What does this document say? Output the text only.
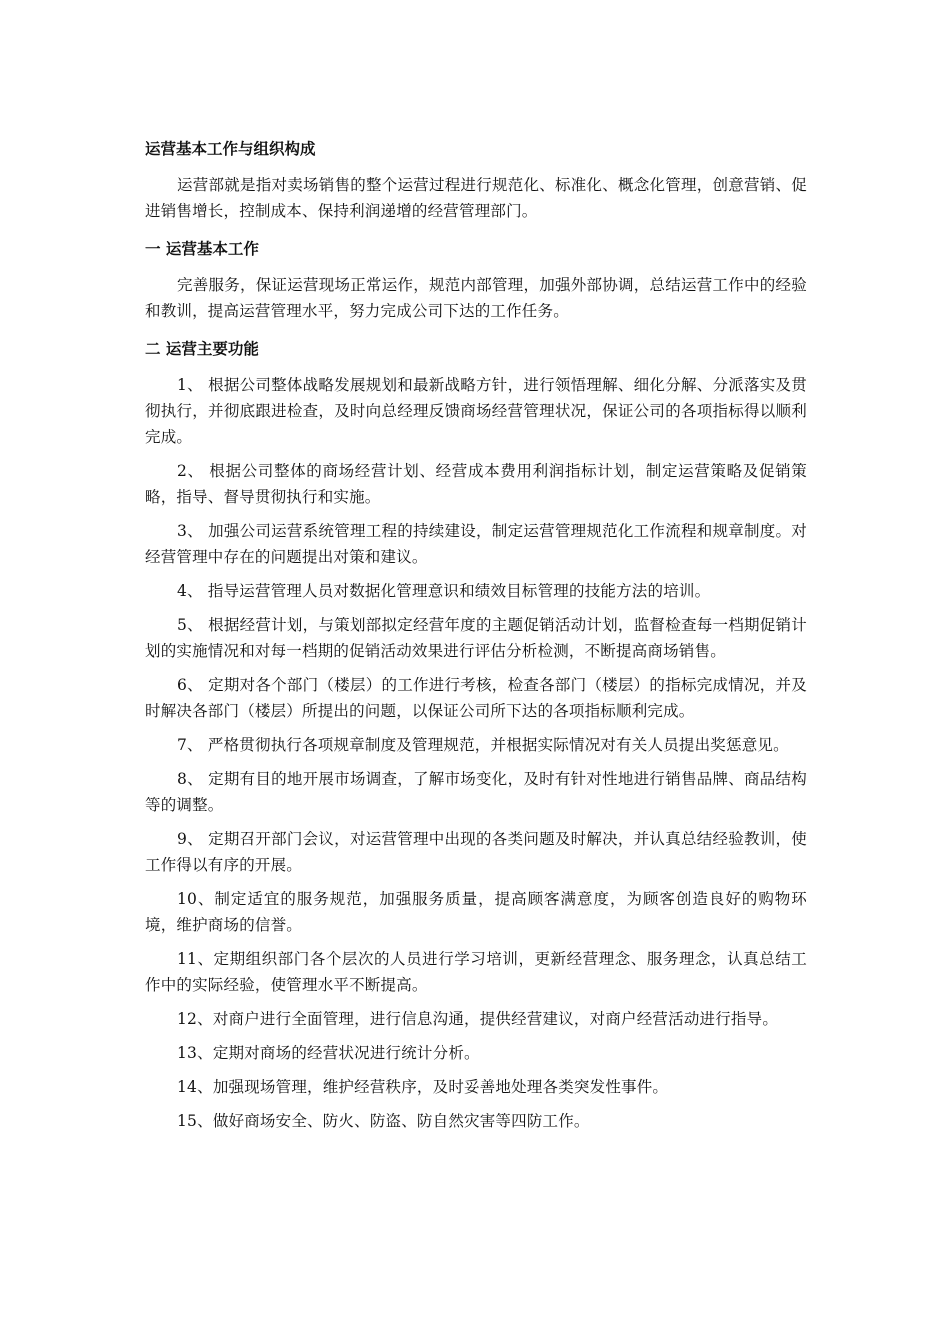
运营基本工作与组织构成

运营部就是指对卖场销售的整个运营过程进行规范化、标准化、概念化管理，创意营销、促进销售增长，控制成本、保持利润递增的经营管理部门。

一 运营基本工作

完善服务，保证运营现场正常运作，规范内部管理，加强外部协调，总结运营工作中的经验和教训，提高运营管理水平，努力完成公司下达的工作任务。

二 运营主要功能
1、 根据公司整体战略发展规划和最新战略方针，进行领悟理解、细化分解、分派落实及贯彻执行，并彻底跟进检查，及时向总经理反馈商场经营管理状况，保证公司的各项指标得以顺利完成。
2、 根据公司整体的商场经营计划、经营成本费用利润指标计划，制定运营策略及促销策略，指导、督导贯彻执行和实施。
3、 加强公司运营系统管理工程的持续建设，制定运营管理规范化工作流程和规章制度。对经营管理中存在的问题提出对策和建议。
4、 指导运营管理人员对数据化管理意识和绩效目标管理的技能方法的培训。
5、 根据经营计划，与策划部拟定经营年度的主题促销活动计划，监督检查每一档期促销计划的实施情况和对每一档期的促销活动效果进行评估分析检测，不断提高商场销售。
6、 定期对各个部门（楼层）的工作进行考核，检查各部门（楼层）的指标完成情况，并及时解决各部门（楼层）所提出的问题，以保证公司所下达的各项指标顺利完成。
7、 严格贯彻执行各项规章制度及管理规范，并根据实际情况对有关人员提出奖惩意见。
8、 定期有目的地开展市场调查，了解市场变化，及时有针对性地进行销售品牌、商品结构等的调整。
9、 定期召开部门会议，对运营管理中出现的各类问题及时解决，并认真总结经验教训，使工作得以有序的开展。
10、制定适宜的服务规范，加强服务质量，提高顾客满意度，为顾客创造良好的购物环境，维护商场的信誉。
11、定期组织部门各个层次的人员进行学习培训，更新经营理念、服务理念，认真总结工作中的实际经验，使管理水平不断提高。
12、对商户进行全面管理，进行信息沟通，提供经营建议，对商户经营活动进行指导。
13、定期对商场的经营状况进行统计分析。
14、加强现场管理，维护经营秩序，及时妥善地处理各类突发性事件。
15、做好商场安全、防火、防盗、防自然灾害等四防工作。
